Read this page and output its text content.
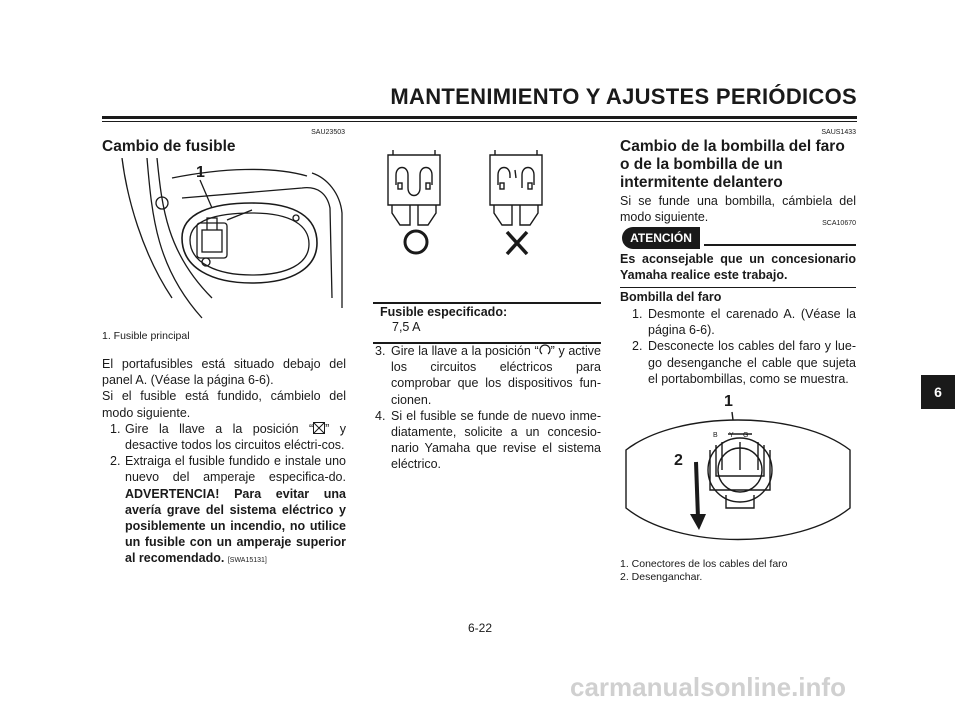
MANTENIMIENTO Y AJUSTES PERIÓDICOS
6
SAU23503
Cambio de fusible
1
1. Fusible principal
El portafusibles está situado debajo del panel A. (Véase la página 6-6).
Si el fusible está fundido, cámbielo del modo siguiente.
1. Gire la llave a la posición “ ” y desactive todos los circuitos eléctri-cos.
2. Extraiga el fusible fundido e instale uno nuevo del amperaje especifica-do. ADVERTENCIA! Para evitar una avería grave del sistema eléctrico y posiblemente un incendio, no utilice un fusible con un amperaje superior al recomendado. [SWA15131]
Fusible especificado:
7,5 A
3. Gire la llave a la posición “ ” y active los circuitos eléctricos para comprobar que los dispositivos fun-cionen.
4. Si el fusible se funde de nuevo inme-diatamente, solicite a un concesio-nario Yamaha que revise el sistema eléctrico.
SAUS1433
Cambio de la bombilla del faro o de la bombilla de un intermitente delantero
Si se funde una bombilla, cámbiela del modo siguiente.	SCA10670
ATENCIÓN
Es aconsejable que un concesionario Yamaha realice este trabajo.
Bombilla del faro
1. Desmonte el carenado A. (Véase la página 6-6).
2. Desconecte los cables del faro y lue-go desenganche el cable que sujeta el portabombillas, como se muestra.
1
2
B Y G
1. Conectores de los cables del faro
2. Desenganchar.
6-22
carmanualsonline.info
